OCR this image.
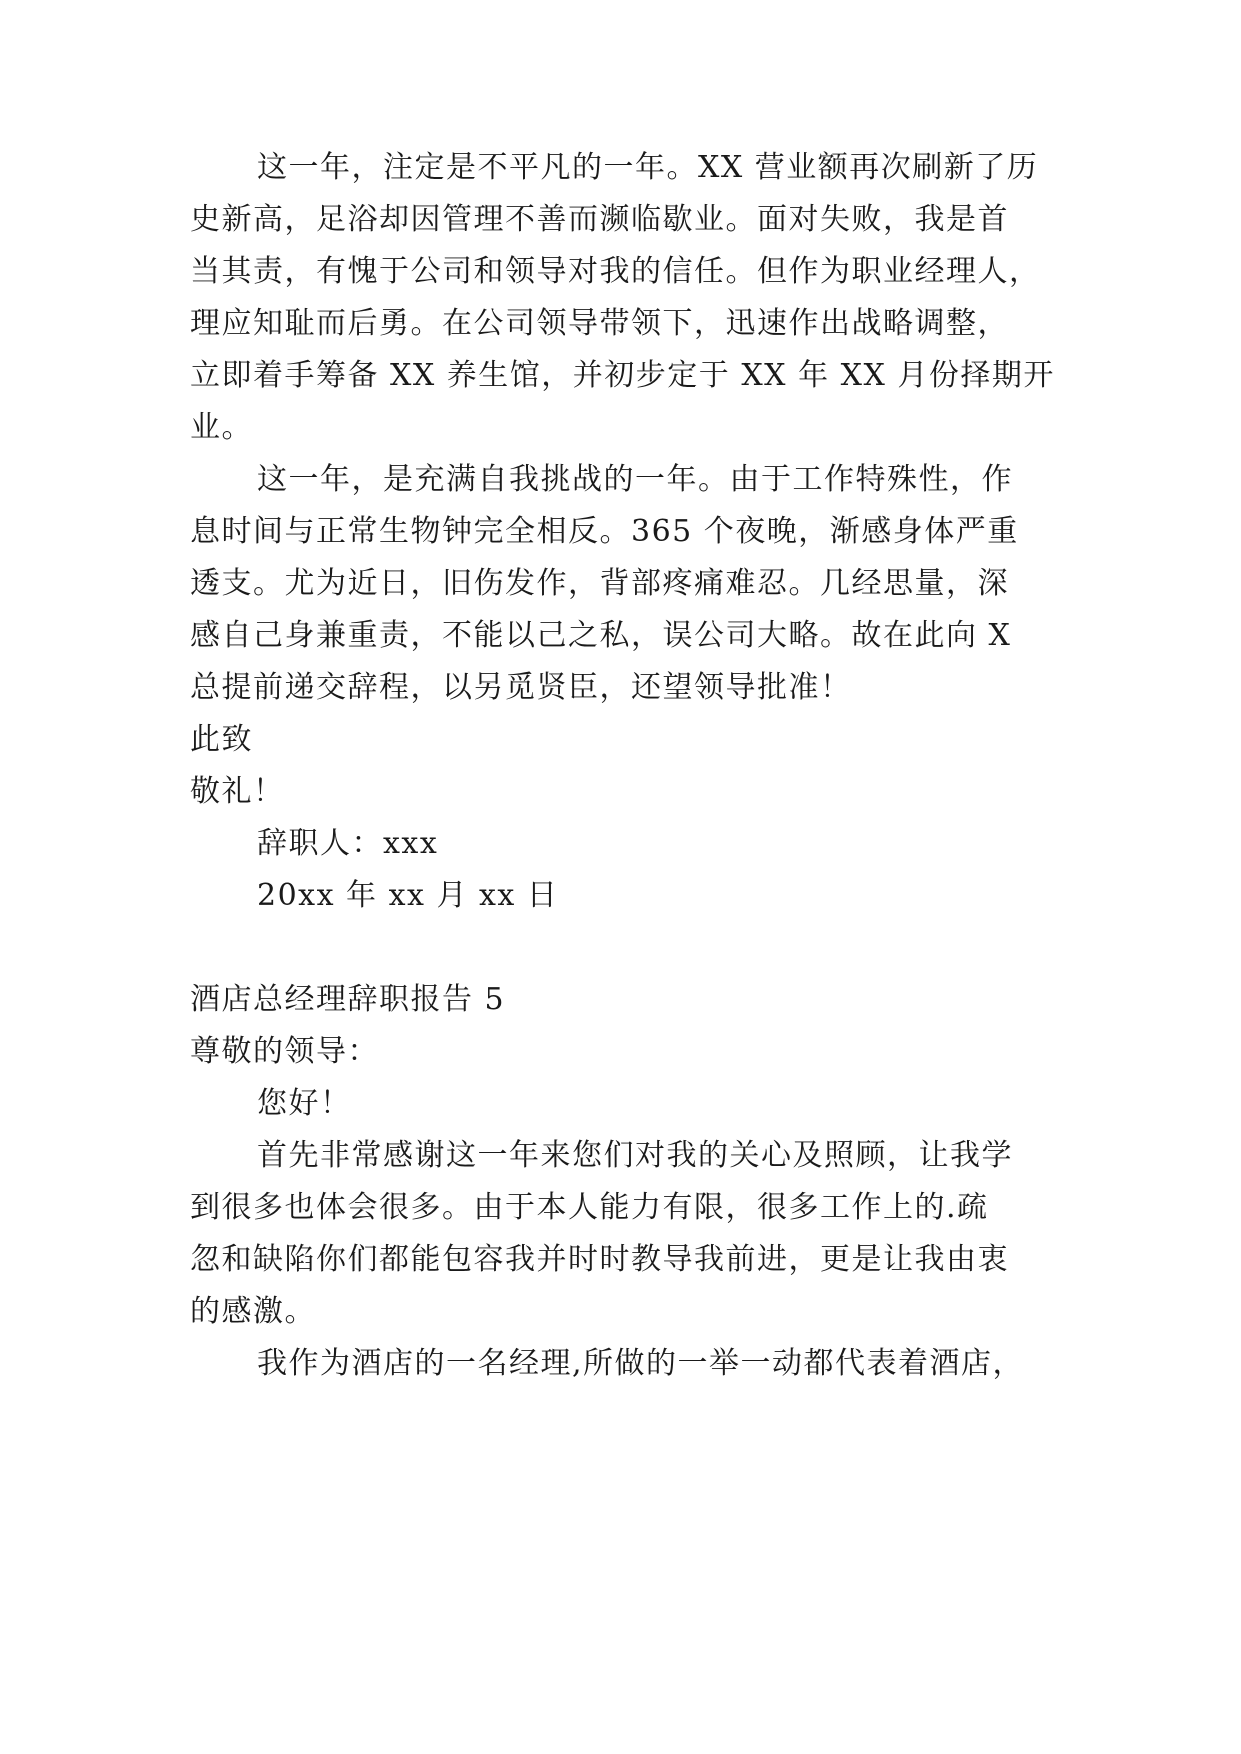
这一年，注定是不平凡的一年。XX 营业额再次刷新了历
史新高，足浴却因管理不善而濒临歇业。面对失败，我是首
当其责，有愧于公司和领导对我的信任。但作为职业经理人，
理应知耻而后勇。在公司领导带领下，迅速作出战略调整，
立即着手筹备 XX 养生馆，并初步定于 XX 年 XX 月份择期开
业。
这一年，是充满自我挑战的一年。由于工作特殊性，作
息时间与正常生物钟完全相反。365 个夜晚，渐感身体严重
透支。尤为近日，旧伤发作，背部疼痛难忍。几经思量，深
感自己身兼重责，不能以己之私，误公司大略。故在此向 X
总提前递交辞程，以另觅贤臣，还望领导批准！
此致
敬礼！
辞职人：xxx
20xx 年 xx 月 xx 日
酒店总经理辞职报告 5
尊敬的领导：
您好！
首先非常感谢这一年来您们对我的关心及照顾，让我学
到很多也体会很多。由于本人能力有限，很多工作上的.疏
忽和缺陷你们都能包容我并时时教导我前进，更是让我由衷
的感激。
我作为酒店的一名经理,所做的一举一动都代表着酒店，
